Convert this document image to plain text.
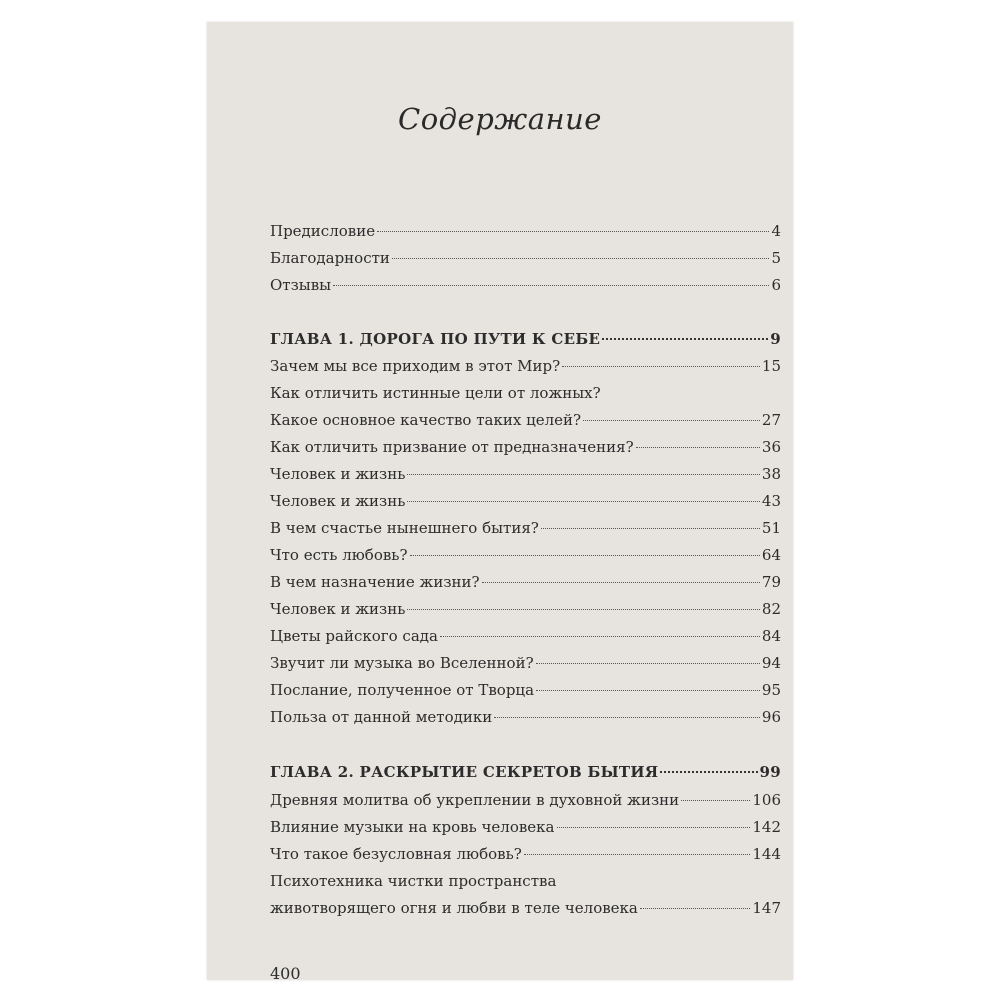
Содержание
Предисловие	4
Благодарности	5
Отзывы	6
ГЛАВА 1. ДОРОГА ПО ПУТИ К СЕБЕ	9
Зачем мы все приходим в этот Мир?	15
Как отличить истинные цели от ложных?
Какое основное качество таких целей?	27
Как отличить призвание от предназначения?	36
Человек и жизнь	38
Человек и жизнь	43
В чем счастье нынешнего бытия?	51
Что есть любовь?	64
В чем назначение жизни?	79
Человек и жизнь	82
Цветы райского сада	84
Звучит ли музыка во Вселенной?	94
Послание, полученное от Творца	95
Польза от данной методики	96
ГЛАВА 2. РАСКРЫТИЕ СЕКРЕТОВ БЫТИЯ	99
Древняя молитва об укреплении в духовной жизни	106
Влияние музыки на кровь человека	142
Что такое безусловная любовь?	144
Психотехника чистки пространства
животворящего огня и любви в теле человека	147
400
